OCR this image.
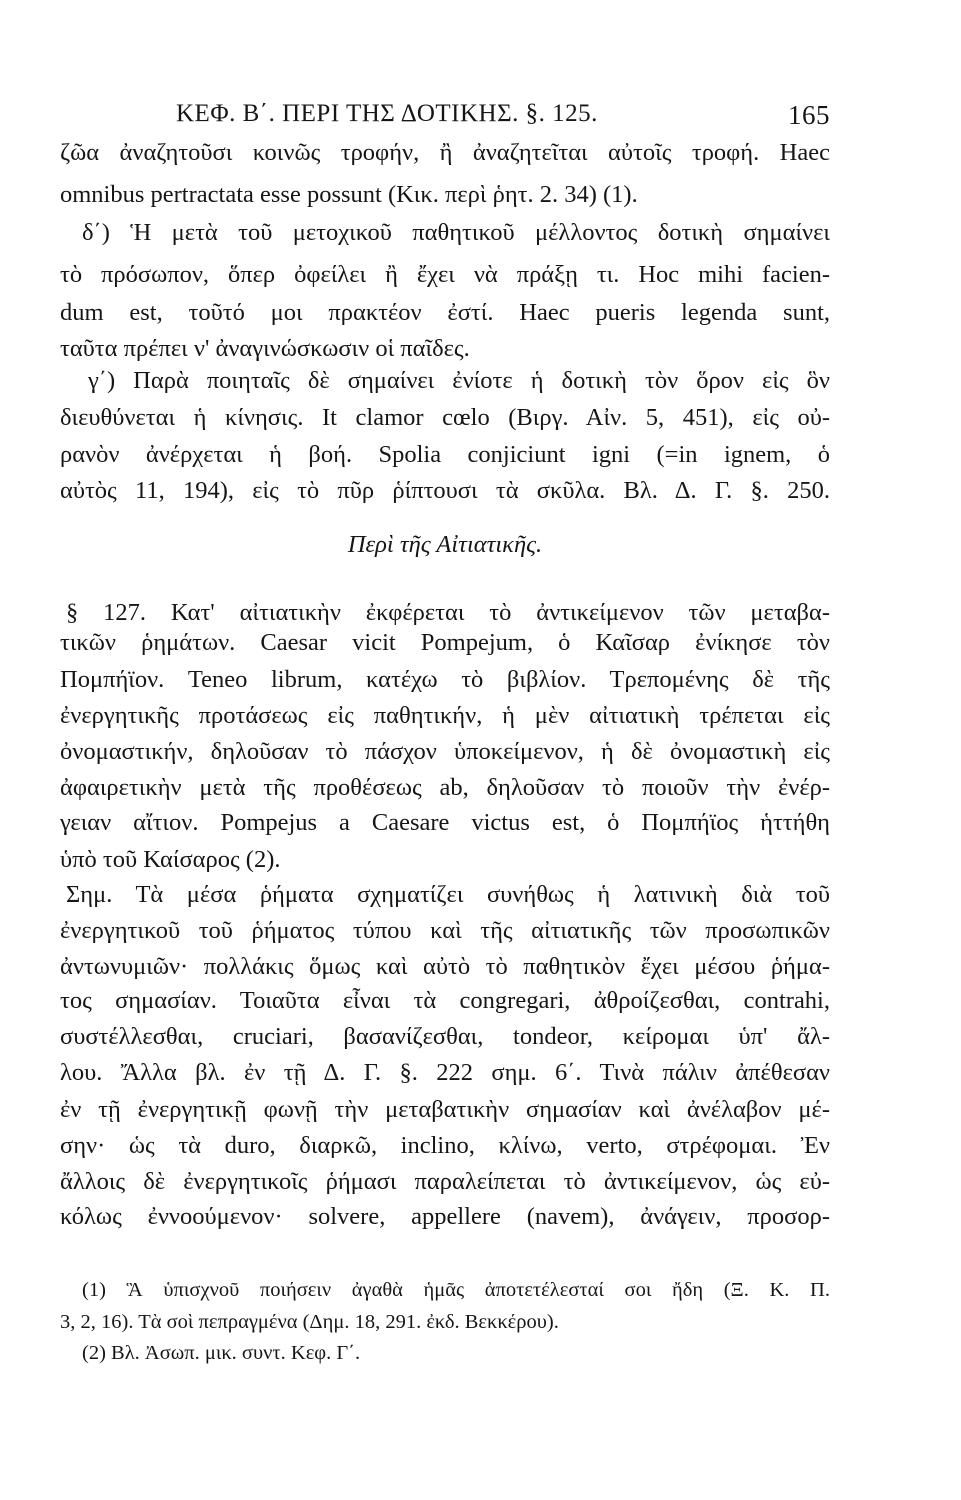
ΚΕΦ. Β΄. ΠΕΡΙ ΤΗΣ ΔΟΤΙΚΗΣ. §. 125.	165
ζῶα ἀναζητοῦσι κοινῶς τροφήν, ἢ ἀναζητεῖται αὐτοῖς τροφή. Haec
omnibus pertractata esse possunt (Κικ. περὶ ῥητ. 2. 34) (1).
δ΄) Ἡ μετὰ τοῦ μετοχικοῦ παθητικοῦ μέλλοντος δοτικὴ σημαίνει
τὸ πρόσωπον, ὅπερ ὀφείλει ἢ ἔχει νὰ πράξῃ τι. Hoc mihi facien-
dum est, τοῦτό μοι πρακτέον ἐστί. Haec pueris legenda sunt,
ταῦτα πρέπει ν' ἀναγινώσκωσιν οἱ παῖδες.
γ΄) Παρὰ ποιηταῖς δὲ σημαίνει ἐνίοτε ἡ δοτικὴ τὸν ὅρον εἰς ὃν
διευθύνεται ἡ κίνησις. It clamor cœlo (Βιργ. Αἰν. 5, 451), εἰς οὐ-
ρανὸν ἀνέρχεται ἡ βοή. Spolia conjiciunt igni (=in ignem, ὁ
αὐτὸς 11, 194), εἰς τὸ πῦρ ῥίπτουσι τὰ σκῦλα. Βλ. Δ. Γ. §. 250.
Περὶ τῆς Αἰτιατικῆς.
§ 127. Κατ' αἰτιατικὴν ἐκφέρεται τὸ ἀντικείμενον τῶν μεταβα-
τικῶν ῥημάτων. Caesar vicit Pompejum, ὁ Καῖσαρ ἐνίκησε τὸν
Πομπήϊον. Teneo librum, κατέχω τὸ βιβλίον. Τρεπομένης δὲ τῆς
ἐνεργητικῆς προτάσεως εἰς παθητικήν, ἡ μὲν αἰτιατικὴ τρέπεται εἰς
ὀνομαστικήν, δηλοῦσαν τὸ πάσχον ὑποκείμενον, ἡ δὲ ὀνομαστικὴ εἰς
ἀφαιρετικὴν μετὰ τῆς προθέσεως ab, δηλοῦσαν τὸ ποιοῦν τὴν ἐνέρ-
γειαν αἴτιον. Pompejus a Caesare victus est, ὁ Πομπήϊος ἡττήθη
ὑπὸ τοῦ Καίσαρος (2).
Σημ. Τὰ μέσα ῥήματα σχηματίζει συνήθως ἡ λατινικὴ διὰ τοῦ
ἐνεργητικοῦ τοῦ ῥήματος τύπου καὶ τῆς αἰτιατικῆς τῶν προσωπικῶν
ἀντωνυμιῶν· πολλάκις ὅμως καὶ αὐτὸ τὸ παθητικὸν ἔχει μέσου ῥήμα-
τος σημασίαν. Τοιαῦτα εἶναι τὰ congregari, ἀθροίζεσθαι, contrahi,
συστέλλεσθαι, cruciari, βασανίζεσθαι, tondeor, κείρομαι ὑπ' ἄλ-
λου. Ἄλλα βλ. ἐν τῇ Δ. Γ. §. 222 σημ. 6΄. Τινὰ πάλιν ἀπέθεσαν
ἐν τῇ ἐνεργητικῇ φωνῇ τὴν μεταβατικὴν σημασίαν καὶ ἀνέλαβον μέ-
σην· ὡς τὰ duro, διαρκῶ, inclino, κλίνω, verto, στρέφομαι. Ἐν
ἄλλοις δὲ ἐνεργητικοῖς ῥήμασι παραλείπεται τὸ ἀντικείμενον, ὡς εὐ-
κόλως ἐννοούμενον· solvere, appellere (navem), ἀνάγειν, προσορ-
(1) Ἃ ὑπισχνοῦ ποιήσειν ἀγαθὰ ἡμᾶς ἀποτετέλεσταί σοι ἤδη (Ξ. Κ. Π.
3, 2, 16). Τὰ σοὶ πεπραγμένα (Δημ. 18, 291. ἐκδ. Βεκκέρου).
(2) Βλ. Ἀσωπ. μικ. συντ. Κεφ. Γ΄.
